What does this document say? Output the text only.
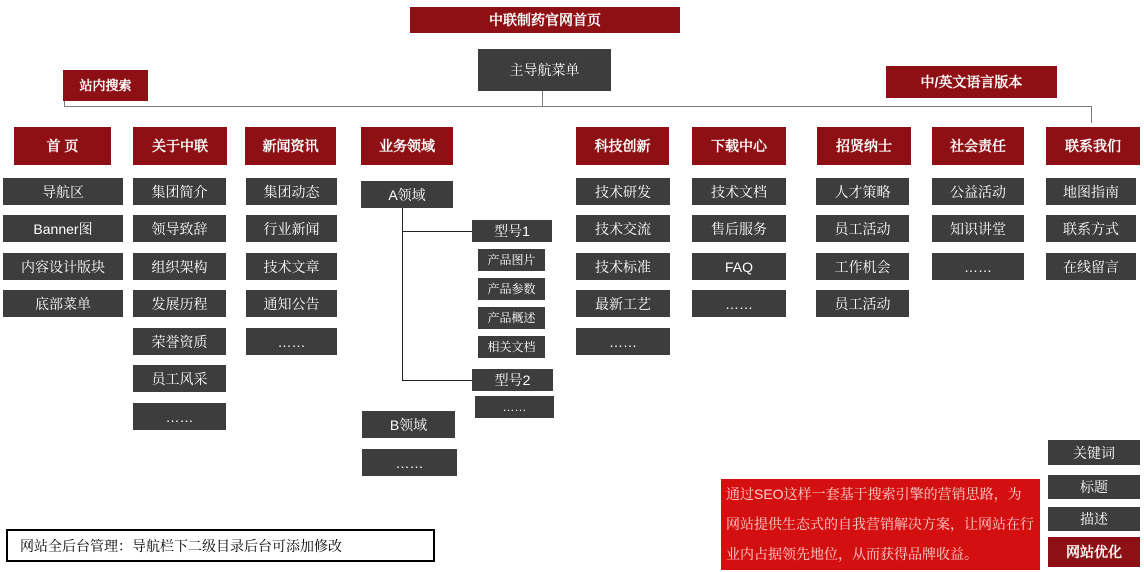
中联制药官网首页
主导航菜单
站内搜索	中/英文语言版本
首 页	关于中联	新闻资讯	业务领域	科技创新	下载中心	招贤纳士	社会责任	联系我们
导航区
Banner图
内容设计版块
底部菜单
集团简介
领导致辞
组织架构
发展历程
荣誉资质
员工风采
……
集团动态
行业新闻
技术文章
通知公告
……
A领域
型号1
产品图片
产品参数
产品概述
相关文档
型号2
……
B领域
……
技术研发
技术交流
技术标准
最新工艺
……
技术文档
售后服务
FAQ
……
人才策略
员工活动
工作机会
员工活动
公益活动
知识讲堂
……
地图指南
联系方式
在线留言
网站全后台管理：导航栏下二级目录后台可添加修改
通过SEO这样一套基于搜索引擎的营销思路，为网站提供生态式的自我营销解决方案，让网站在行业内占据领先地位，从而获得品牌收益。
关键词
标题
描述
网站优化
